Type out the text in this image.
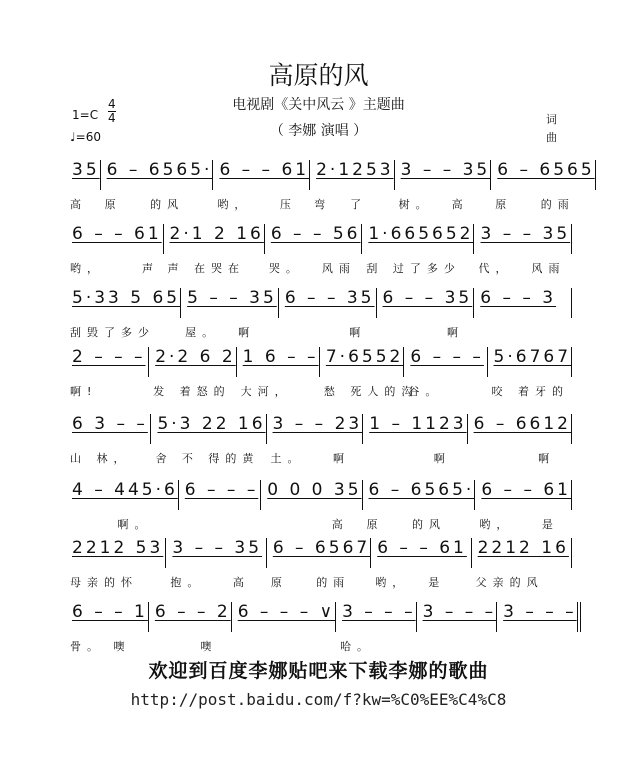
高原的风
电视剧《关中风云 》主题曲
（ 李娜 演唱 ）
1=C
4
4
♩=60
词
曲
35
高
6 – 6565·
原   的风
6 – – 61
哟，   压
2·1253
弯  了
3 – – 35
树。  高
6 – 6565
原   的雨
6 – – 61
哟，    声
2·1 2 16
声 在哭在
6 – – 56
哭。  风雨
1·665652
刮 过了多少
3 – – 35
代，  风雨
5·33 5 65
刮毁了多少
5 – – 35
屋。  啊
6 – – 35
啊
6 – – 35
啊
6 – – 3
2 – – –
啊!
2·2 6 2
发 着怒的
1 6 – –
大河，
7·6552
愁 死人的沟
6 – – –
谷。
5·6767
咬 着牙的
6 3 – –
山 林，
5·3 22 16
舍 不 得的黄
3 – – 23
土。   啊
1 – 1123
啊
6 – 6612
啊
4 – 445·6
啊。
6 – – – 0 0 0 35
高
6 – 6565·
原   的风
6 – – 61
哟，   是
2212 53
母亲的怀
3 – – 35
抱。   高
6 – 6567
原   的雨
6 – – 61
哟，  是
2212 16
父亲的风
6 – – 1
骨。 噢
6 – – 2
噢
6 – – – ∨ 3 – – –
哈。
3 – – – 3 – – –
欢迎到百度李娜贴吧来下载李娜的歌曲
http://post.baidu.com/f?kw=%C0%EE%C4%C8
